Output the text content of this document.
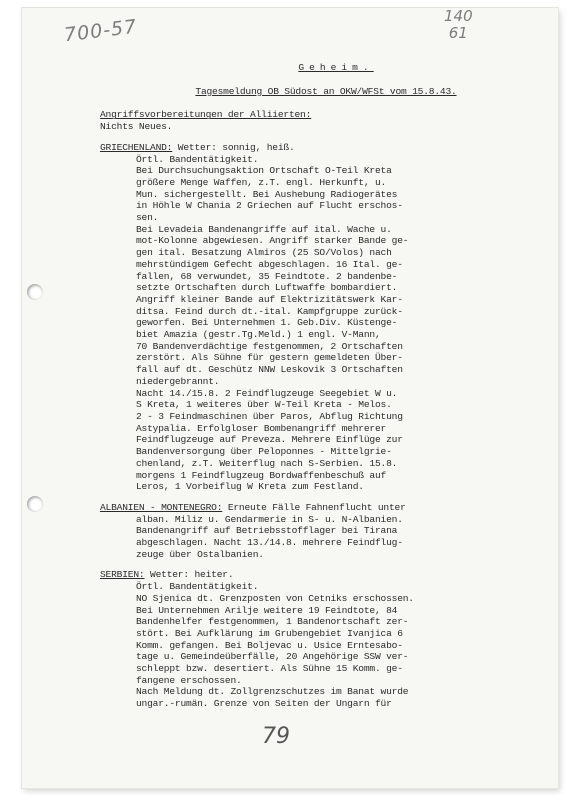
700-57	140
61
79
Geheim.
Tagesmeldung OB Südost an OKW/WFSt vom 15.8.43.
Angriffsvorbereitungen der Alliierten:
Nichts Neues.
GRIECHENLAND: Wetter: sonnig, heiß.
Örtl. Bandentätigkeit.
Bei Durchsuchungsaktion Ortschaft O-Teil Kreta
größere Menge Waffen, z.T. engl. Herkunft, u.
Mun. sichergestellt. Bei Aushebung Radiogerätes
in Höhle W Chania 2 Griechen auf Flucht erschos-
sen.
Bei Levadeia Bandenangriffe auf ital. Wache u.
mot-Kolonne abgewiesen. Angriff starker Bande ge-
gen ital. Besatzung Almiros (25 SO/Volos) nach
mehrstündigem Gefecht abgeschlagen. 16 Ital. ge-
fallen, 68 verwundet, 35 Feindtote. 2 bandenbe-
setzte Ortschaften durch Luftwaffe bombardiert.
Angriff kleiner Bande auf Elektrizitätswerk Kar-
ditsa. Feind durch dt.-ital. Kampfgruppe zurück-
geworfen. Bei Unternehmen 1. Geb.Div. Küstenge-
biet Amazia (gestr.Tg.Meld.) 1 engl. V-Mann,
70 Bandenverdächtige festgenommen, 2 Ortschaften
zerstört. Als Sühne für gestern gemeldeten Über-
fall auf dt. Geschütz NNW Leskovik 3 Ortschaften
niedergebrannt.
Nacht 14./15.8. 2 Feindflugzeuge Seegebiet W u.
S Kreta, 1 weiteres über W-Teil Kreta - Melos.
2 - 3 Feindmaschinen über Paros, Abflug Richtung
Astypalia. Erfolgloser Bombenangriff mehrerer
Feindflugzeuge auf Preveza. Mehrere Einflüge zur
Bandenversorgung über Peloponnes - Mittelgrie-
chenland, z.T. Weiterflug nach S-Serbien. 15.8.
morgens 1 Feindflugzeug Bordwaffenbeschuß auf
Leros, 1 Vorbeiflug W Kreta zum Festland.
ALBANIEN - MONTENEGRO: Erneute Fälle Fahnenflucht unter
alban. Miliz u. Gendarmerie in S- u. N-Albanien.
Bandenangriff auf Betriebsstofflager bei Tirana
abgeschlagen. Nacht 13./14.8. mehrere Feindflug-
zeuge über Ostalbanien.
SERBIEN: Wetter: heiter.
Örtl. Bandentätigkeit.
NO Sjenica dt. Grenzposten von Cetniks erschossen.
Bei Unternehmen Arilje weitere 19 Feindtote, 84
Bandenhelfer festgenommen, 1 Bandenortschaft zer-
stört. Bei Aufklärung im Grubengebiet Ivanjica 6
Komm. gefangen. Bei Boljevac u. Usice Erntesabo-
tage u. Gemeindeüberfälle, 20 Angehörige SSW ver-
schleppt bzw. desertiert. Als Sühne 15 Komm. ge-
fangene erschossen.
Nach Meldung dt. Zollgrenzschutzes im Banat wurde
ungar.-rumän. Grenze von Seiten der Ungarn für
